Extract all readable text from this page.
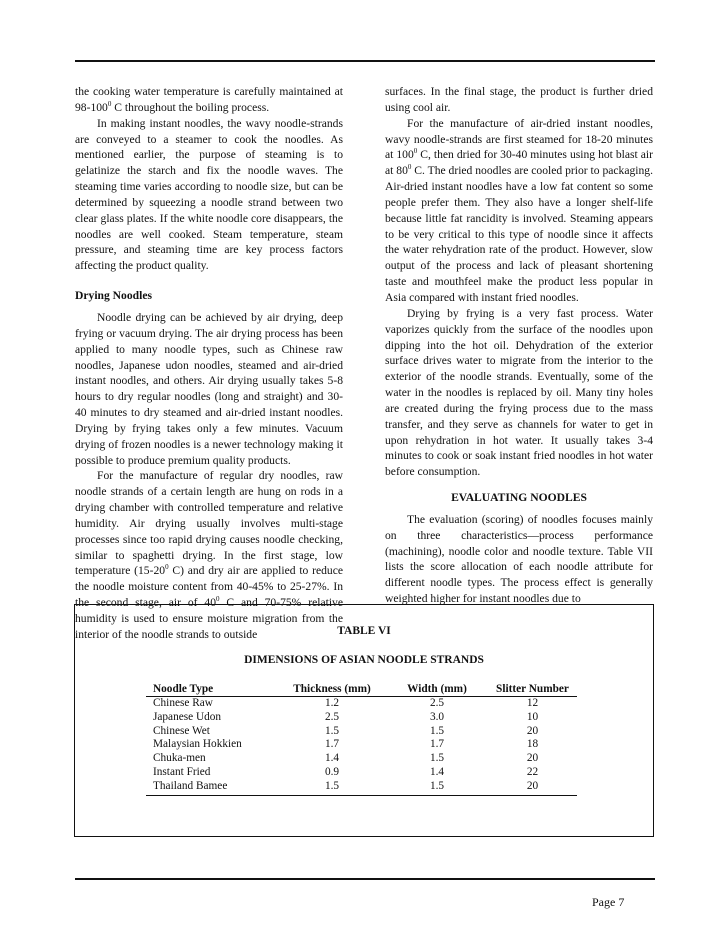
the cooking water temperature is carefully maintained at $98-100^0$ C throughout the boiling process.

In making instant noodles, the wavy noodle-strands are conveyed to a steamer to cook the noodles. As mentioned earlier, the purpose of steaming is to gelatinize the starch and fix the noodle waves. The steaming time varies according to noodle size, but can be determined by squeezing a noodle strand between two clear glass plates. If the white noodle core disappears, the noodles are well cooked. Steam temperature, steam pressure, and steaming time are key process factors affecting the product quality.

Drying Noodles

Noodle drying can be achieved by air drying, deep frying or vacuum drying. The air drying process has been applied to many noodle types, such as Chinese raw noodles, Japanese udon noodles, steamed and air-dried instant noodles, and others. Air drying usually takes 5-8 hours to dry regular noodles (long and straight) and 30-40 minutes to dry steamed and air-dried instant noodles. Drying by frying takes only a few minutes. Vacuum drying of frozen noodles is a newer technology making it possible to produce premium quality products.

For the manufacture of regular dry noodles, raw noodle strands of a certain length are hung on rods in a drying chamber with controlled temperature and relative humidity. Air drying usually involves multi-stage processes since too rapid drying causes noodle checking, similar to spaghetti drying. In the first stage, low temperature ($15-20^0$ C) and dry air are applied to reduce the noodle moisture content from 40-45% to 25-27%. In the second stage, air of $40^0$ C and 70-75% relative humidity is used to ensure moisture migration from the interior of the noodle strands to outside

surfaces. In the final stage, the product is further dried using cool air.

For the manufacture of air-dried instant noodles, wavy noodle-strands are first steamed for 18-20 minutes at $100^0$ C, then dried for 30-40 minutes using hot blast air at $80^0$ C. The dried noodles are cooled prior to packaging. Air-dried instant noodles have a low fat content so some people prefer them. They also have a longer shelf-life because little fat rancidity is involved. Steaming appears to be very critical to this type of noodle since it affects the water rehydration rate of the product. However, slow output of the process and lack of pleasant shortening taste and mouthfeel make the product less popular in Asia compared with instant fried noodles.

Drying by frying is a very fast process. Water vaporizes quickly from the surface of the noodles upon dipping into the hot oil. Dehydration of the exterior surface drives water to migrate from the interior to the exterior of the noodle strands. Eventually, some of the water in the noodles is replaced by oil. Many tiny holes are created during the frying process due to the mass transfer, and they serve as channels for water to get in upon rehydration in hot water. It usually takes 3-4 minutes to cook or soak instant fried noodles in hot water before consumption.

EVALUATING NOODLES

The evaluation (scoring) of noodles focuses mainly on three characteristics—process performance (machining), noodle color and noodle texture. Table VII lists the score allocation of each noodle attribute for different noodle types. The process effect is generally weighted higher for instant noodles due to

TABLE VI
DIMENSIONS OF ASIAN NOODLE STRANDS
Noodle Type	Thickness (mm)	Width (mm)	Slitter Number
Chinese Raw	1.2	2.5	12
Japanese Udon	2.5	3.0	10
Chinese Wet	1.5	1.5	20
Malaysian Hokkien	1.7	1.7	18
Chuka-men	1.4	1.5	20
Instant Fried	0.9	1.4	22
Thailand Bamee	1.5	1.5	20
Page 7
